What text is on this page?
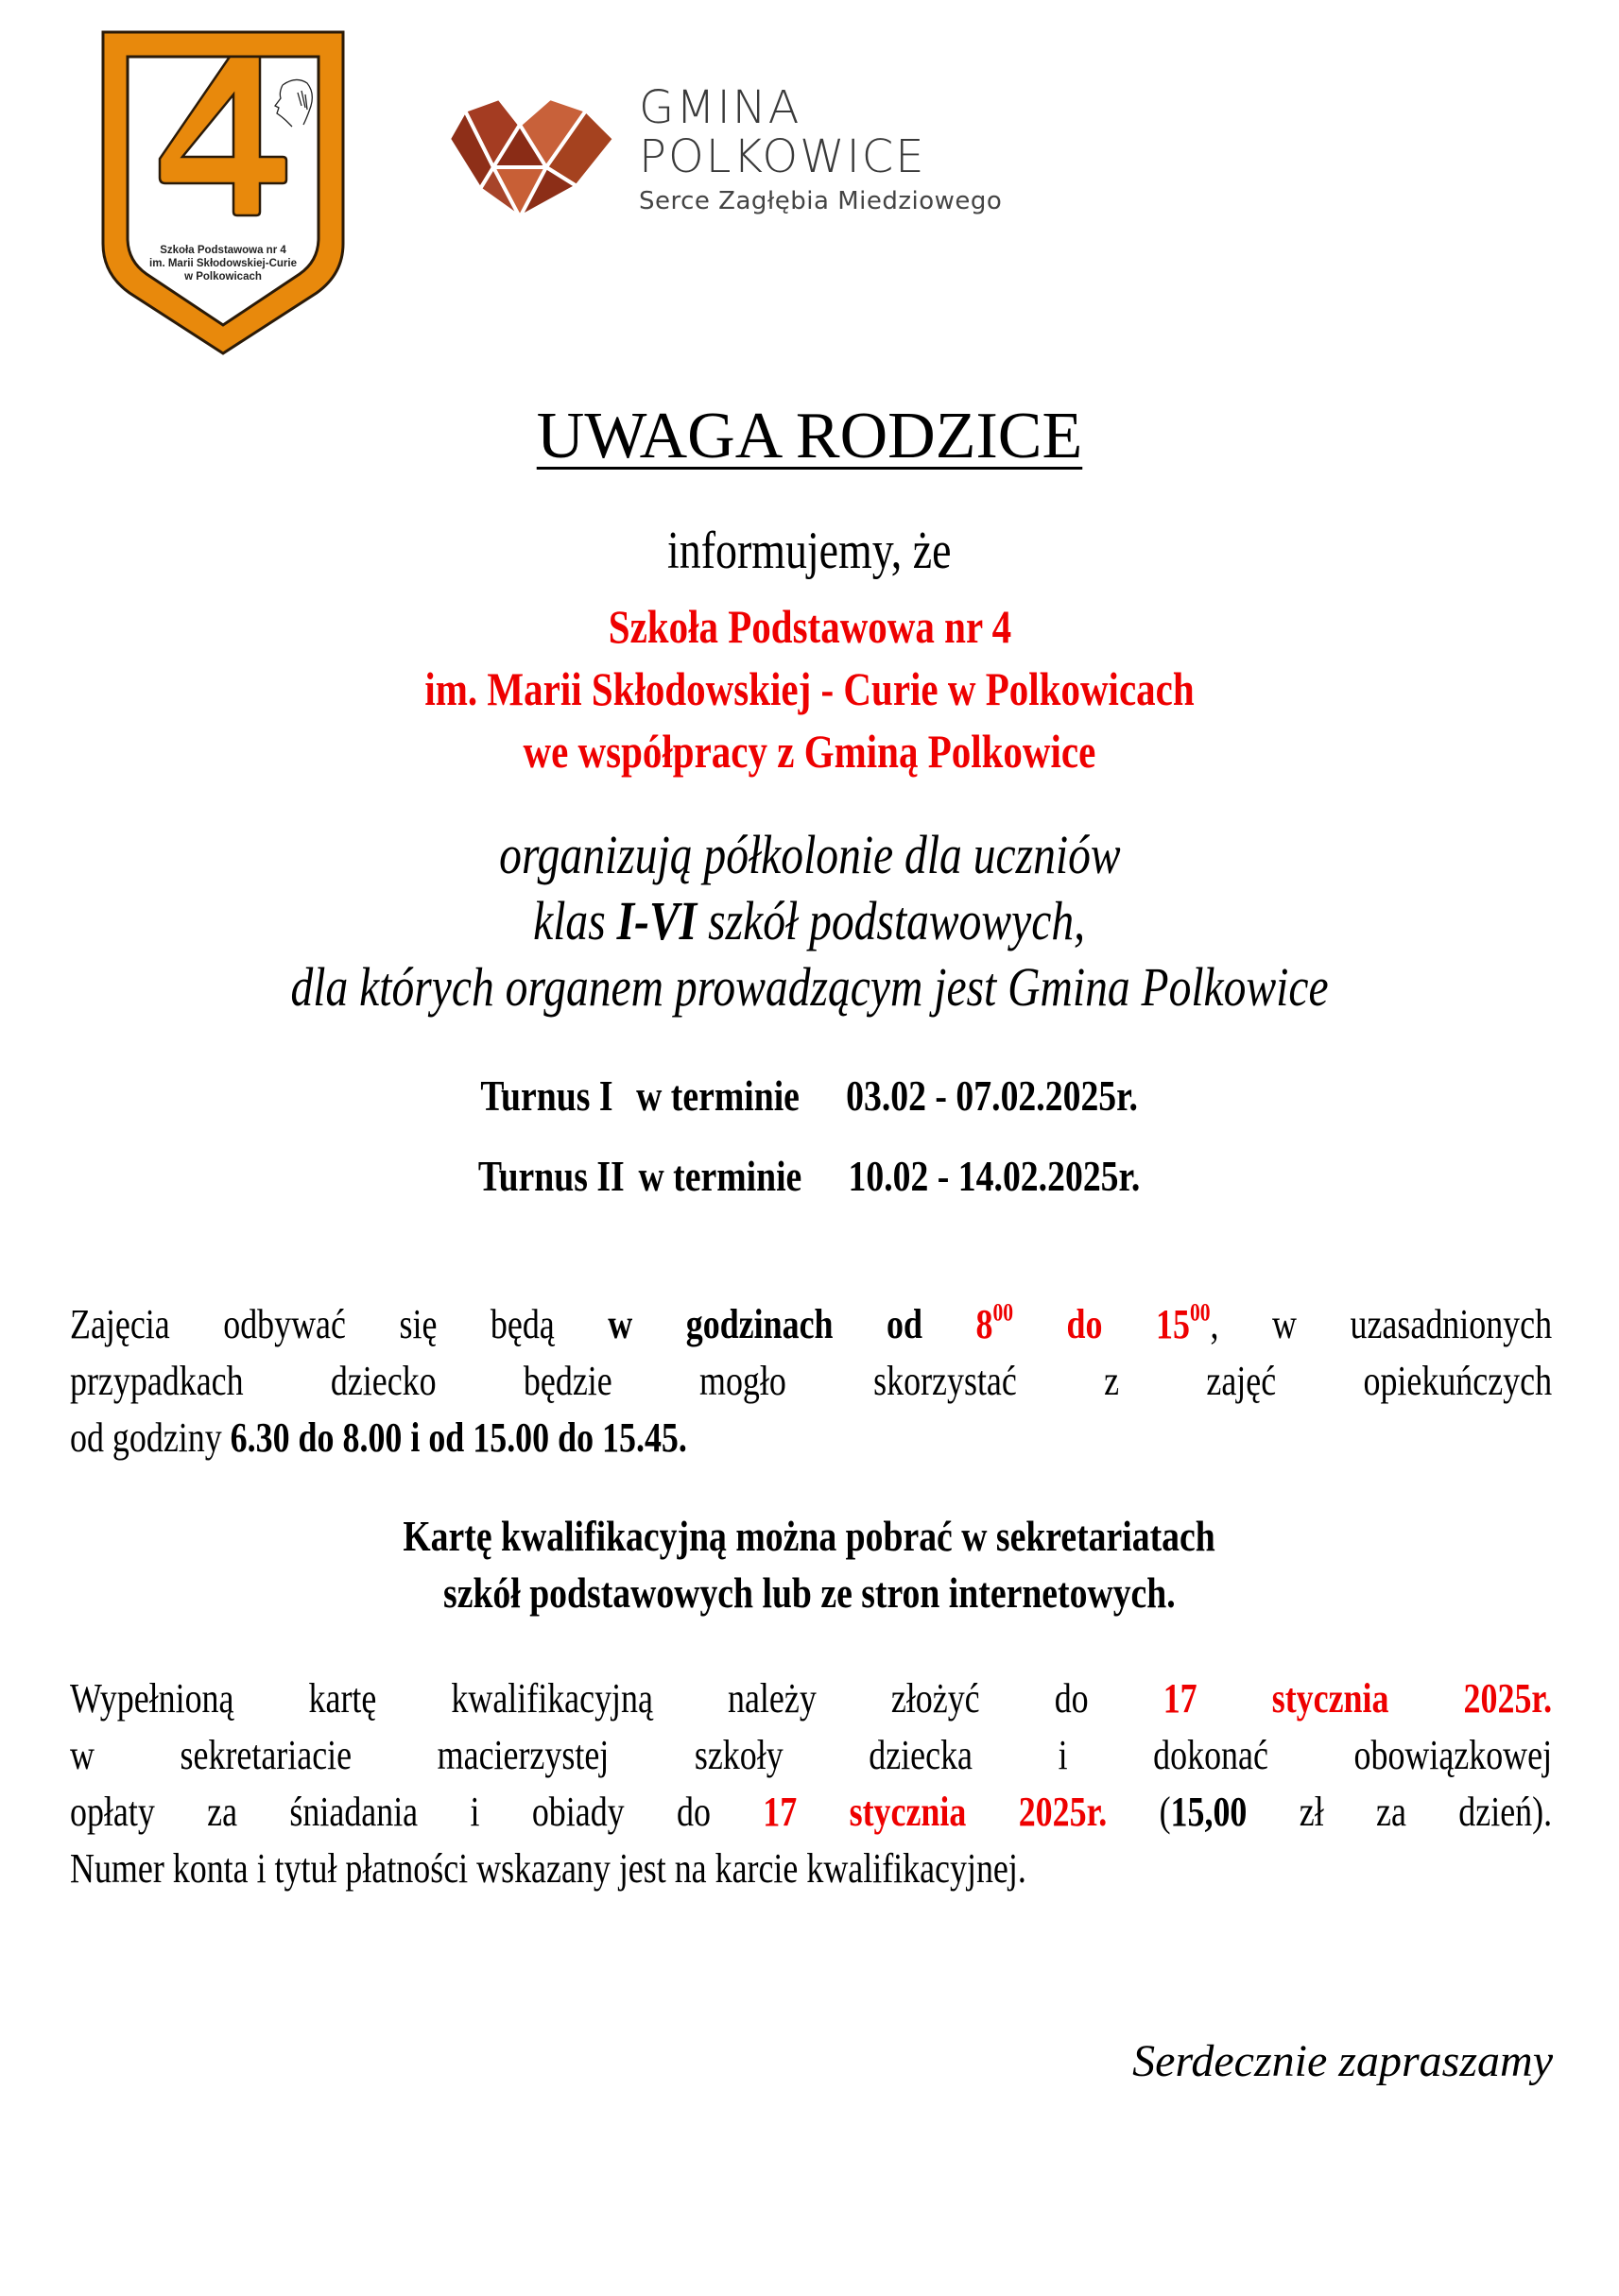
Szkoła Podstawowa nr 4
im. Marii Skłodowskiej-Curie
w Polkowicach
GMINA
POLKOWICE
Serce Zagłębia Miedziowego
UWAGA RODZICE
informujemy, że
Szkoła Podstawowa nr 4
im. Marii Skłodowskiej - Curie w Polkowicach
we współpracy z Gminą Polkowice
organizują półkolonie dla uczniów
klas I-VI szkół podstawowych,
dla których organem prowadzącym jest Gmina Polkowice
Turnus I w terminie 03.02 - 07.02.2025r.
Turnus II w terminie 10.02 - 14.02.2025r.
Zajęcia odbywać się będą w godzinach od $8^{00}$ do $15^{00}$, w uzasadnionych
przypadkach dziecko będzie mogło skorzystać z zajęć opiekuńczych
od godziny 6.30 do 8.00 i od 15.00 do 15.45.
Kartę kwalifikacyjną można pobrać w sekretariatach
szkół podstawowych lub ze stron internetowych.
Wypełnioną kartę kwalifikacyjną należy złożyć do 17 stycznia 2025r.
w sekretariacie macierzystej szkoły dziecka i dokonać obowiązkowej
opłaty za śniadania i obiady do 17 stycznia 2025r. (15,00 zł za dzień).
Numer konta i tytuł płatności wskazany jest na karcie kwalifikacyjnej.
Serdecznie zapraszamy
